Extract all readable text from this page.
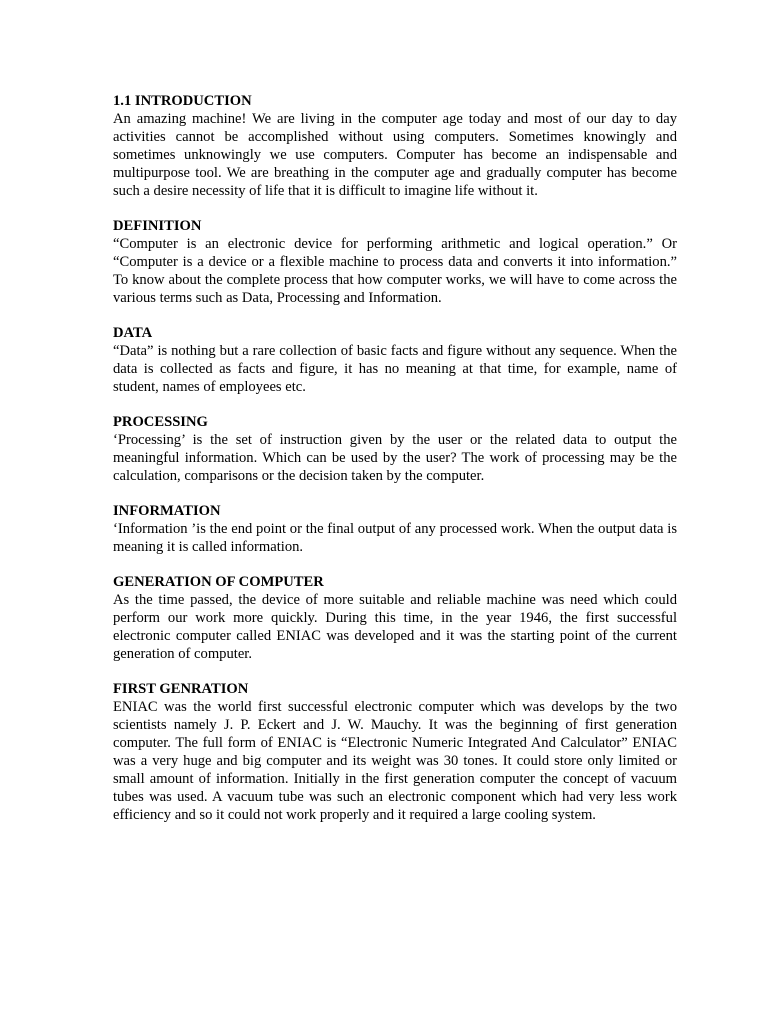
1.1 INTRODUCTION

An amazing machine! We are living in the computer age today and most of our day to day activities cannot be accomplished without using computers. Sometimes knowingly and sometimes unknowingly we use computers. Computer has become an indispensable and multipurpose tool. We are breathing in the computer age and gradually computer has become such a desire necessity of life that it is difficult to imagine life without it.

DEFINITION

“Computer is an electronic device for performing arithmetic and logical operation.” Or “Computer is a device or a flexible machine to process data and converts it into information.” To know about the complete process that how computer works, we will have to come across the various terms such as Data, Processing and Information.

DATA

“Data” is nothing but a rare collection of basic facts and figure without any sequence. When the data is collected as facts and figure, it has no meaning at that time, for example, name of student, names of employees etc.

PROCESSING

‘Processing’ is the set of instruction given by the user or the related data to output the meaningful information. Which can be used by the user? The work of processing may be the calculation, comparisons or the decision taken by the computer.

INFORMATION

‘Information ’is the end point or the final output of any processed work. When the output data is meaning it is called information.

GENERATION OF COMPUTER

As the time passed, the device of more suitable and reliable machine was need which could perform our work more quickly. During this time, in the year 1946, the first successful electronic computer called ENIAC was developed and it was the starting point of the current generation of computer.

FIRST GENRATION

ENIAC was the world first successful electronic computer which was develops by the two scientists namely J. P. Eckert and J. W. Mauchy. It was the beginning of first generation computer. The full form of ENIAC is “Electronic Numeric Integrated And Calculator” ENIAC was a very huge and big computer and its weight was 30 tones. It could store only limited or small amount of information. Initially in the first generation computer the concept of vacuum tubes was used. A vacuum tube was such an electronic component which had very less work efficiency and so it could not work properly and it required a large cooling system.
